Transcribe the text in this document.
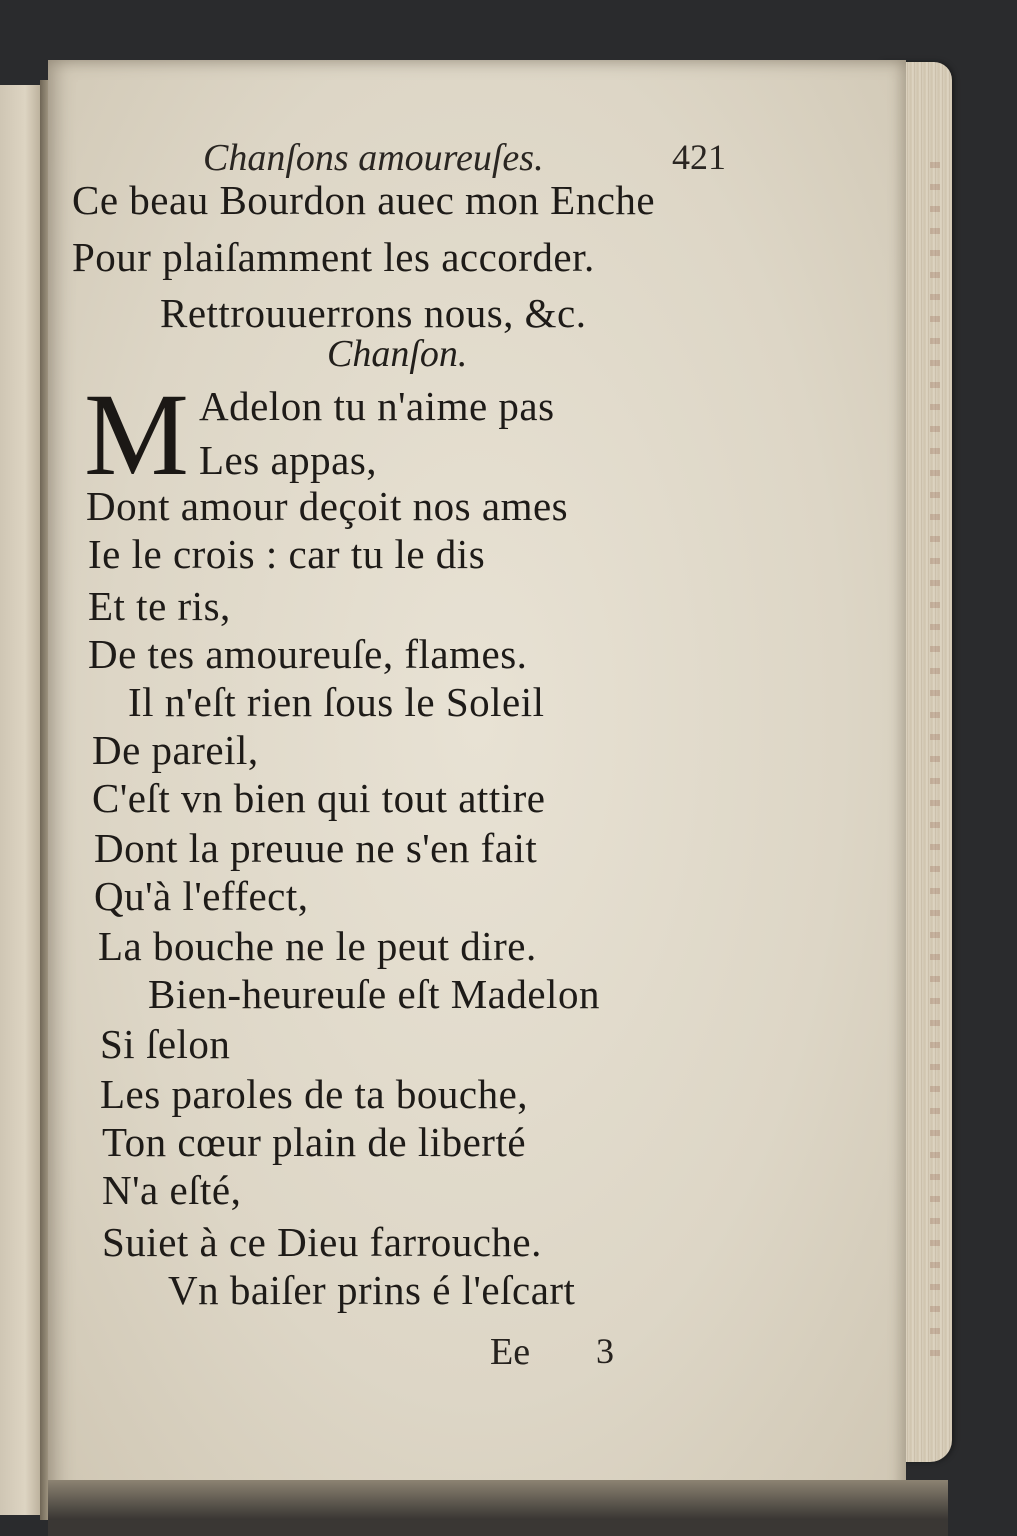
Chanſons amoureuſes.	421
Ce beau Bourdon auec mon Enche
Pour plaiſamment les accorder.
Rettrouuerrons nous, &c.
Chanſon.
M Adelon tu n'aime pas
Les appas,
Dont amour deçoit nos ames
Ie le crois : car tu le dis
Et te ris,
De tes amoureuſe, flames.
Il n'eſt rien ſous le Soleil
De pareil,
C'eſt vn bien qui tout attire
Dont la preuue ne s'en fait
Qu'à l'effect,
La bouche ne le peut dire.
Bien-heureuſe eſt Madelon
Si ſelon
Les paroles de ta bouche,
Ton cœur plain de liberté
N'a eſté,
Suiet à ce Dieu farrouche.
Vn baiſer prins é l'eſcart
Ee 3
